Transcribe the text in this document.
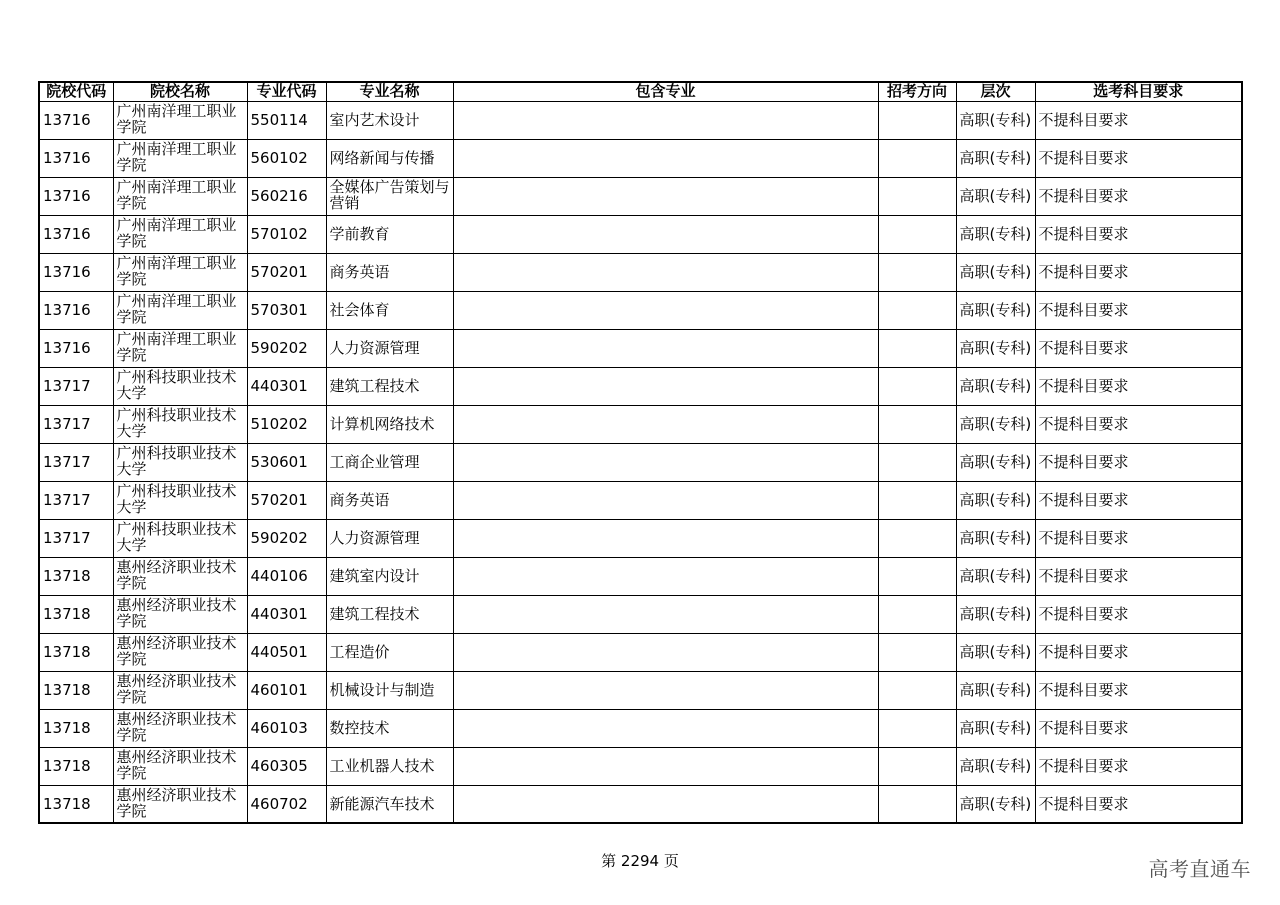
院校代码	院校名称	专业代码	专业名称	包含专业	招考方向	层次	选考科目要求
13716	广州南洋理工职业学院	550114	室内艺术设计			高职(专科)	不提科目要求
13716	广州南洋理工职业学院	560102	网络新闻与传播			高职(专科)	不提科目要求
13716	广州南洋理工职业学院	560216	全媒体广告策划与营销			高职(专科)	不提科目要求
13716	广州南洋理工职业学院	570102	学前教育			高职(专科)	不提科目要求
13716	广州南洋理工职业学院	570201	商务英语			高职(专科)	不提科目要求
13716	广州南洋理工职业学院	570301	社会体育			高职(专科)	不提科目要求
13716	广州南洋理工职业学院	590202	人力资源管理			高职(专科)	不提科目要求
13717	广州科技职业技术大学	440301	建筑工程技术			高职(专科)	不提科目要求
13717	广州科技职业技术大学	510202	计算机网络技术			高职(专科)	不提科目要求
13717	广州科技职业技术大学	530601	工商企业管理			高职(专科)	不提科目要求
13717	广州科技职业技术大学	570201	商务英语			高职(专科)	不提科目要求
13717	广州科技职业技术大学	590202	人力资源管理			高职(专科)	不提科目要求
13718	惠州经济职业技术学院	440106	建筑室内设计			高职(专科)	不提科目要求
13718	惠州经济职业技术学院	440301	建筑工程技术			高职(专科)	不提科目要求
13718	惠州经济职业技术学院	440501	工程造价			高职(专科)	不提科目要求
13718	惠州经济职业技术学院	460101	机械设计与制造			高职(专科)	不提科目要求
13718	惠州经济职业技术学院	460103	数控技术			高职(专科)	不提科目要求
13718	惠州经济职业技术学院	460305	工业机器人技术			高职(专科)	不提科目要求
13718	惠州经济职业技术学院	460702	新能源汽车技术			高职(专科)	不提科目要求
第 2294 页	高考直通车
